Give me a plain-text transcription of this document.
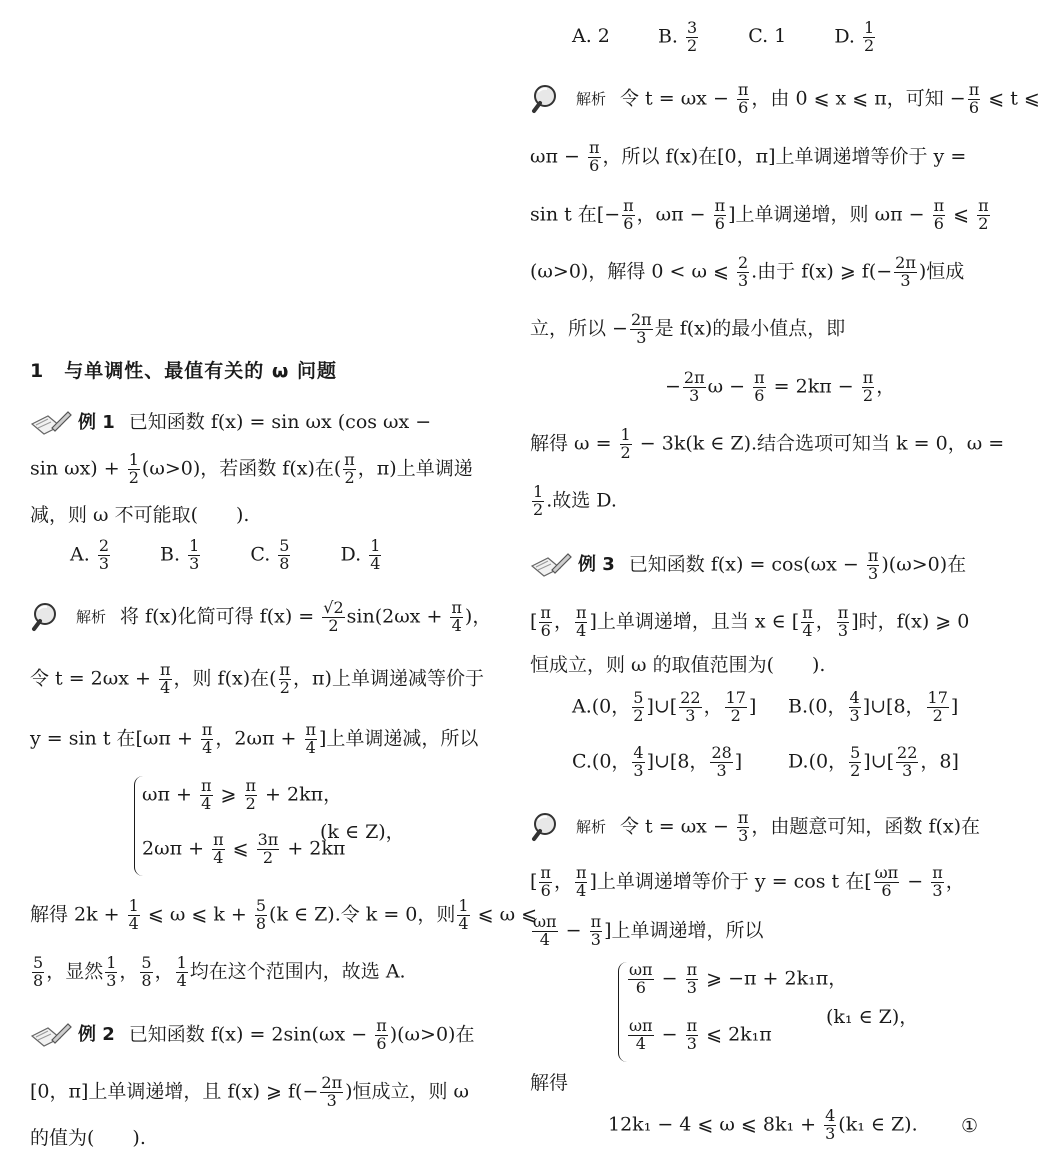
1　与单调性、最值有关的 ω 问题
例 1 已知函数 f(x) = sin ωx (cos ωx −
$\sin \omega x) + \frac{1}{2} (\omega>0)$，若函数 f(x)在( $\frac{\pi}{2}$ ，π)上单调递
减，则 ω 不可能取(　　).
A. $\frac{2}{3}$	B. $\frac{1}{3}$	C. $\frac{5}{8}$	D. $\frac{1}{4}$
解析 将 f(x)化简可得 $f(x) = \frac{√2}{2} \sin(2\omega x + \frac{\pi}{4}$ )，
令 $t = 2\omega x + \frac{\pi}{4}$ ，则 f(x)在( $\frac{\pi}{2}$ ，π)上单调递减等价于
y = sin t 在[$\omega\pi + \frac{\pi}{4}$ ，$2\omega\pi + \frac{\pi}{4}$ ]上单调递减，所以
$\omega\pi + \frac{\pi}{4}$ ⩾ $\frac{\pi}{2} + 2k\pi$，
$2\omega\pi + \frac{\pi}{4}$ ⩽ $\frac{3\pi}{2} + 2k\pi$
(k ∈ Z)，
解得 $2k + \frac{1}{4}$ ⩽ ω ⩽ $k + \frac{5}{8} (k$ ∈ Z).令 k = 0，则 $\frac{1}{4}$ ⩽ ω ⩽
$\frac{5}{8}$ ，显然 $\frac{1}{3}$ ， $\frac{5}{8}$ ， $\frac{1}{4}$ 均在这个范围内，故选 A.
例 2 已知函数 $f(x) = 2\sin(\omega x - \frac{\pi}{6} )(\omega>0)$在
[0，π]上单调递增，且 f(x) ⩾ $f(- \frac{2\pi}{3}$ )恒成立，则 ω
的值为(　　).
A. 2	B. $\frac{3}{2}$	C. 1	D. $\frac{1}{2}$
解析 令 $t = \omega x - \frac{\pi}{6}$ ，由 0 ⩽ x ⩽ π，可知 − $\frac{\pi}{6}$ ⩽ t ⩽
$\omega\pi - \frac{\pi}{6}$ ，所以 f(x)在[0，π]上单调递增等价于 y =
sin t 在[− $\frac{\pi}{6}$ ，$\omega\pi - \frac{\pi}{6}$ ]上单调递增，则 $\omega\pi - \frac{\pi}{6}$ ⩽ $\frac{\pi}{2}$
(ω>0)，解得 0 < ω ⩽ $\frac{2}{3}$ .由于 f(x) ⩾ $f(- \frac{2\pi}{3}$ )恒成
立，所以 − $\frac{2\pi}{3}$ 是 f(x)的最小值点，即
− $\frac{2\pi}{3}$ $\omega - \frac{\pi}{6} = 2k\pi - \frac{\pi}{2}$ ，
解得 $\omega = \frac{1}{2} - 3k(k$ ∈ Z).结合选项可知当 k = 0，ω =
$\frac{1}{2}$ .故选 D.
例 3 已知函数 $f(x) = \cos(\omega x - \frac{\pi}{3} )(\omega>0)$在
[ $\frac{\pi}{6}$ ， $\frac{\pi}{4}$ ]上单调递增，且当 x ∈ [ $\frac{\pi}{4}$ ， $\frac{\pi}{3}$ ]时，f(x) ⩾ 0
恒成立，则 ω 的取值范围为(　　).
A.(0， $\frac{5}{2}$ ]∪[ $\frac{22}{3}$ ， $\frac{17}{2}$ ] B.(0， $\frac{4}{3}$ ]∪[8， $\frac{17}{2}$ ]
C.(0， $\frac{4}{3}$ ]∪[8， $\frac{28}{3}$ ] D.(0， $\frac{5}{2}$ ]∪[ $\frac{22}{3}$ ，8]
解析 令 $t = \omega x - \frac{\pi}{3}$ ，由题意可知，函数 f(x)在
[ $\frac{\pi}{6}$ ， $\frac{\pi}{4}$ ]上单调递增等价于 y = cos t 在[ $\frac{\omega\pi}{6} - \frac{\pi}{3}$ ，
$\frac{\omega\pi}{4} - \frac{\pi}{3}$ ]上单调递增，所以
$\frac{\omega\pi}{6} - \frac{\pi}{3}$ ⩾ −π + 2k₁π，
$\frac{\omega\pi}{4} - \frac{\pi}{3}$ ⩽ 2k₁π
(k₁ ∈ Z)，
解得
12k₁ − 4 ⩽ ω ⩽ $8k_1 + \frac{4}{3} (k_1$ ∈ Z). ①
